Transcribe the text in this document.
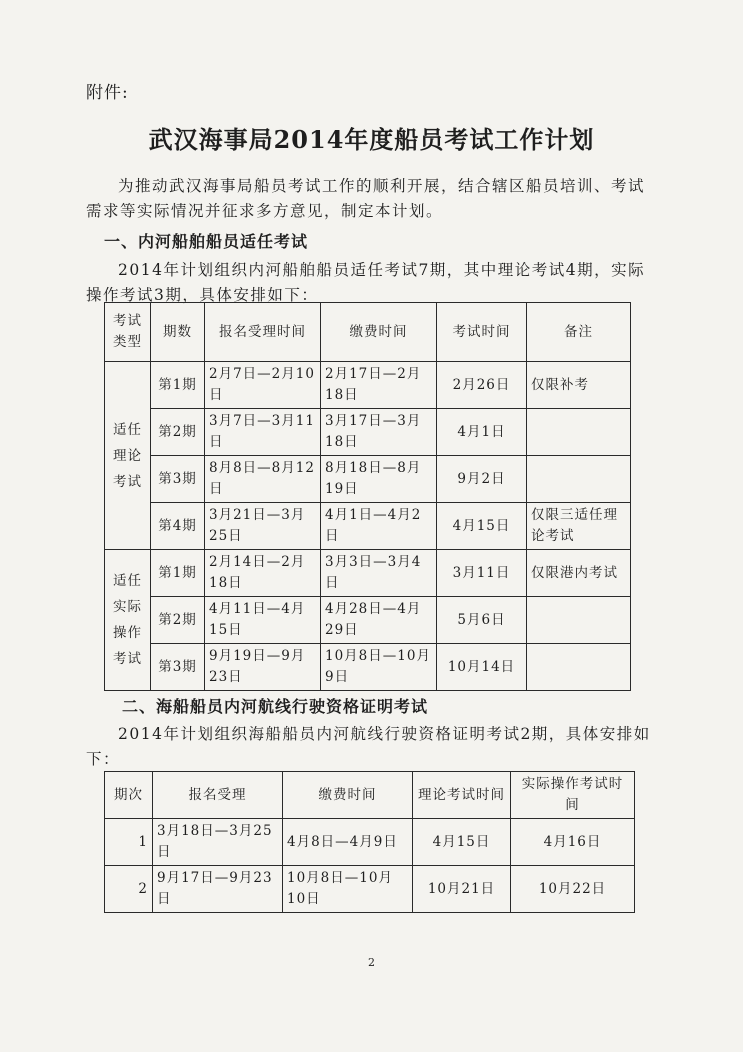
附件:
武汉海事局2014年度船员考试工作计划
为推动武汉海事局船员考试工作的顺利开展，结合辖区船员培训、考试需求等实际情况并征求多方意见，制定本计划。
一、内河船舶船员适任考试
2014年计划组织内河船舶船员适任考试7期，其中理论考试4期，实际操作考试3期，具体安排如下：
考试类型	期数	报名受理时间	缴费时间	考试时间	备注
适任理论考试	第1期	2月7日—2月10日	2月17日—2月18日	2月26日	仅限补考
	第2期	3月7日—3月11日	3月17日—3月18日	4月1日	
	第3期	8月8日—8月12日	8月18日—8月19日	9月2日	
	第4期	3月21日—3月25日	4月1日—4月2日	4月15日	仅限三适任理论考试
适任实际操作考试	第1期	2月14日—2月18日	3月3日—3月4日	3月11日	仅限港内考试
	第2期	4月11日—4月15日	4月28日—4月29日	5月6日	
	第3期	9月19日—9月23日	10月8日—10月9日	10月14日	
二、海船船员内河航线行驶资格证明考试
2014年计划组织海船船员内河航线行驶资格证明考试2期，具体安排如下：
期次	报名受理	缴费时间	理论考试时间	实际操作考试时间
1	3月18日—3月25日	4月8日—4月9日	4月15日	4月16日
2	9月17日—9月23日	10月8日—10月10日	10月21日	10月22日
2
